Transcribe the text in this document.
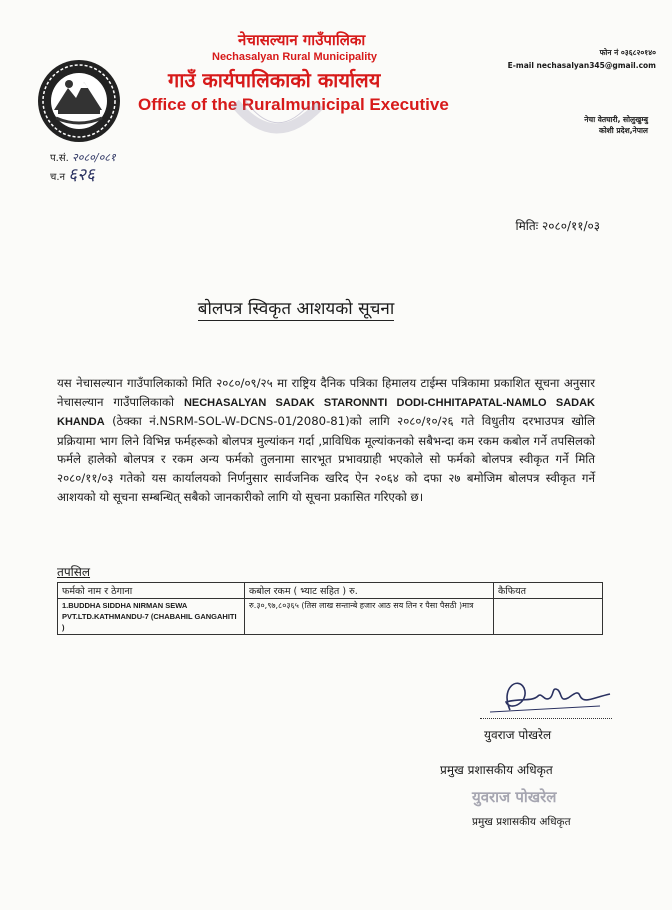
नेचासल्यान गाउँपालिका
Nechasalyan Rural Municipality
गाउँ कार्यपालिकाको कार्यालय
Office of the Ruralmunicipal Executive
फोन नं ०३६८२०१४०
E-mail nechasalyan345@gmail.com
नेचा वेतघारी, सोलुखुम्बु
कोशी प्रदेश,नेपाल
प.सं. २०८०/०८१
च.न ६२६
मितिः २०८०/११/०३
बोलपत्र स्विकृत आशयको सूचना
यस नेचासल्यान गाउँपालिकाको मिति २०८०/०९/२५ मा राष्ट्रिय दैनिक पत्रिका हिमालय टाईम्स पत्रिकामा प्रकाशित सूचना अनुसार नेचासल्यान गाउँपालिकाको NECHASALYAN SADAK STARONNTI DODI-CHHITAPATAL-NAMLO SADAK KHANDA (ठेक्का नं.NSRM-SOL-W-DCNS-01/2080-81)को लागि २०८०/१०/२६ गते विधुतीय दरभाउपत्र खोलि प्रक्रियामा भाग लिने विभिन्न फर्महरूको बोलपत्र मुल्यांकन गर्दा ,प्राविधिक मूल्यांकनको सबैभन्दा कम रकम कबोल गर्ने तपसिलको फर्मले हालेको बोलपत्र र रकम अन्य फर्मको तुलनामा सारभूत प्रभावग्राही भएकोले सो फर्मको बोलपत्र स्वीकृत गर्ने मिति २०८०/११/०३ गतेको यस कार्यालयको निर्णनुसार सार्वजनिक खरिद ऐन २०६४ को दफा २७ बमोजिम बोलपत्र स्वीकृत गर्ने आशयको यो सूचना सम्बन्धित् सबैको जानकारीको लागि यो सूचना प्रकासित गरिएको छ।
तपसिल
फर्मको नाम र ठेगाना	कबोल रकम ( भ्याट सहित ) रु.	कैफियत
1.BUDDHA SIDDHA NIRMAN SEWA PVT.LTD.KATHMANDU-7 (CHABAHIL GANGAHITI )	रु.३०,९७,८०३६५ (तिस लाख सन्तान्बे हजार आठ सय तिन र पैसा पैसठी )मात्र	
युवराज पोखरेल
प्रमुख प्रशासकीय अधिकृत
युवराज पोखरेल
प्रमुख प्रशासकीय अधिकृत
